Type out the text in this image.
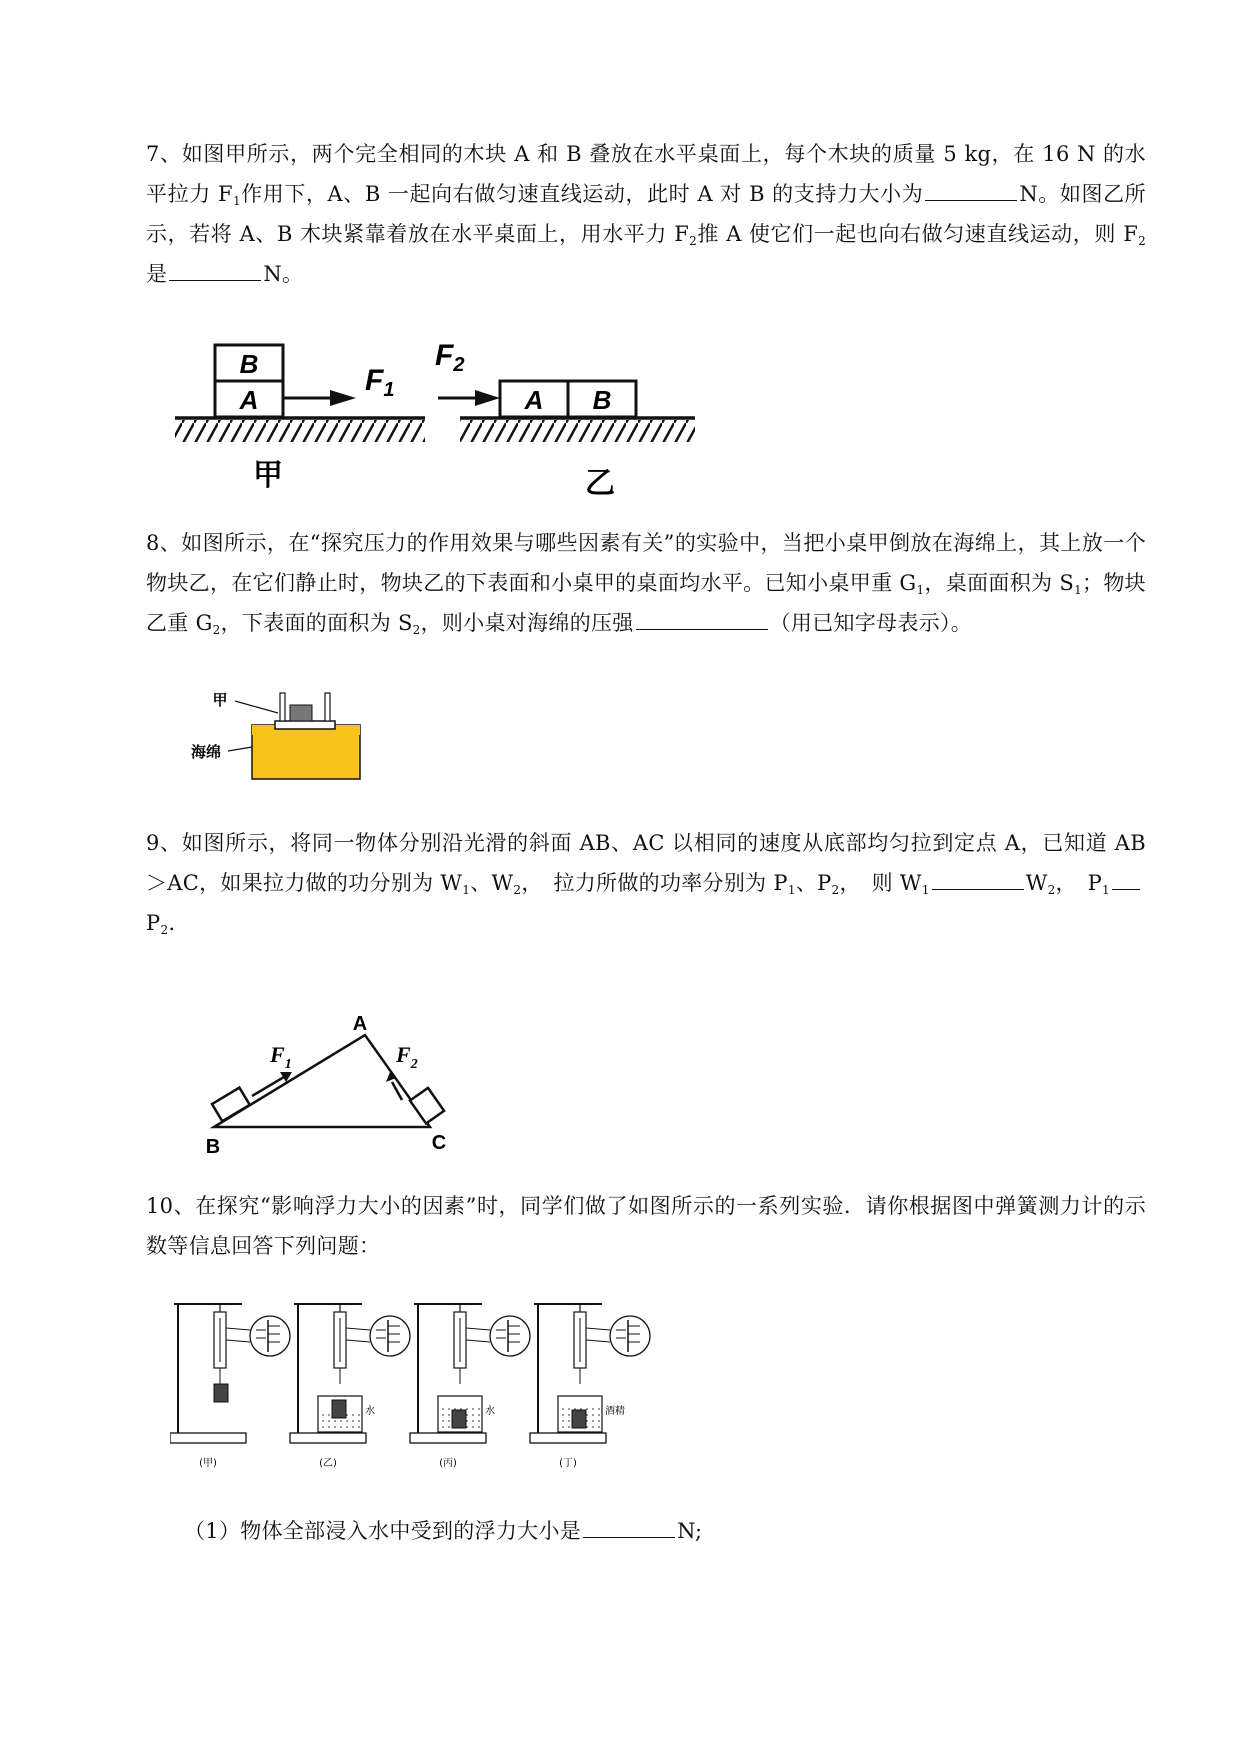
7、如图甲所示，两个完全相同的木块 A 和 B 叠放在水平桌面上，每个木块的质量 5 kg，在 16 N 的水平拉力 $F_1$作用下，A、B 一起向右做匀速直线运动，此时 A 对 B 的支持力大小为	N。如图乙所示，若将 A、B 木块紧靠着放在水平桌面上，用水平力 $F_2$推 A 使它们一起也向右做匀速直线运动，则 $F_2$是	N。
B
A
$F_1$
甲
$F_2$
A B
乙
8、如图所示，在“探究压力的作用效果与哪些因素有关”的实验中，当把小桌甲倒放在海绵上，其上放一个物块乙，在它们静止时，物块乙的下表面和小桌甲的桌面均水平。已知小桌甲重 $G_1$，桌面面积为 $S_1$；物块乙重 $G_2$，下表面的面积为 $S_2$，则小桌对海绵的压强	（用已知字母表示）。
甲
海绵
9、如图所示，将同一物体分别沿光滑的斜面 AB、AC 以相同的速度从底部均匀拉到定点 A，已知道 AB＞AC，如果拉力做的功分别为 $W_1$、$W_2$，　拉力所做的功率分别为 $P_1$、$P_2$，　则 $W_1$	$W_2$，　$P_1$
$P_2$.
A
B	C
$F_1$	$F_2$
10、在探究“影响浮力大小的因素”时，同学们做了如图所示的一系列实验．请你根据图中弹簧测力计的示数等信息回答下列问题：
水	水	酒精
(甲)	(乙)	(丙)	(丁)
（1）物体全部浸入水中受到的浮力大小是	N;
